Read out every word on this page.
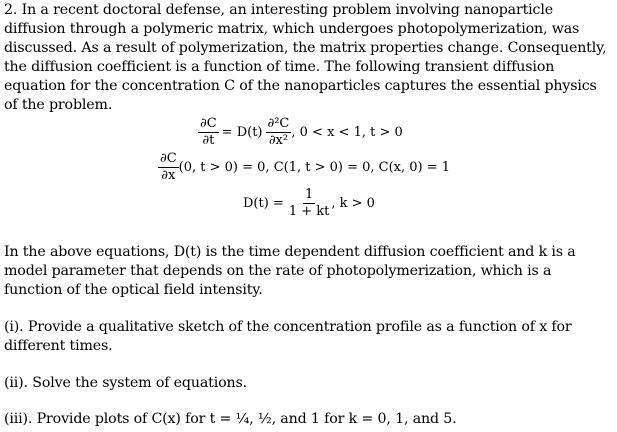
2. In a recent doctoral defense, an interesting problem involving nanoparticle diffusion through a polymeric matrix, which undergoes photopolymerization, was discussed. As a result of polymerization, the matrix properties change. Consequently, the diffusion coefficient is a function of time. The following transient diffusion equation for the concentration C of the nanoparticles captures the essential physics of the problem.
$\frac{\partial C}{\partial t} = D(t) \frac{\text{∂²C}}{\text{∂x²}}$ , 0 < x < 1, t > 0
$\frac{\partial C}{\partial x} (0$, t > 0) = 0, C(1, t > 0) = 0, C(x, 0) = 1
$D(t) = \frac{1}{1 + kt}$ , k > 0
In the above equations, D(t) is the time dependent diffusion coefficient and k is a model parameter that depends on the rate of photopolymerization, which is a function of the optical field intensity.
(i). Provide a qualitative sketch of the concentration profile as a function of x for different times.
(ii). Solve the system of equations.
(iii). Provide plots of C(x) for t = ¼, ½, and 1 for k = 0, 1, and 5.
